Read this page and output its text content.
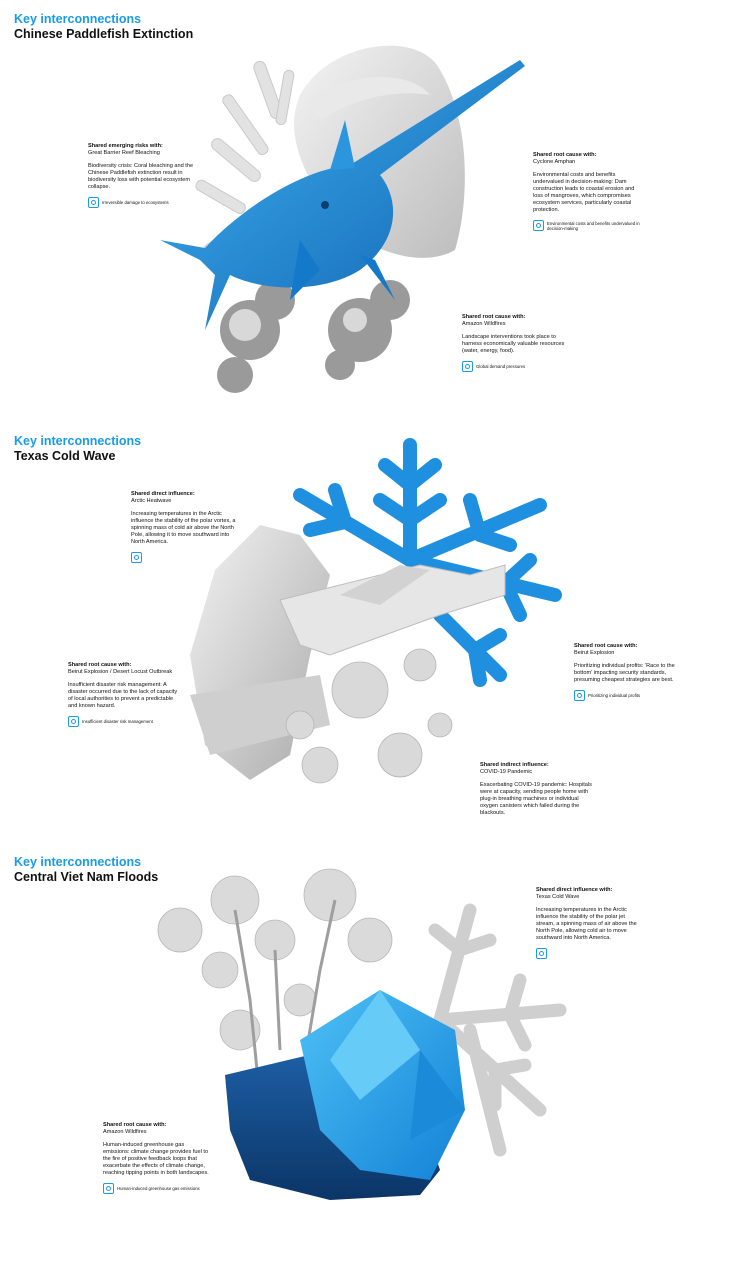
Key interconnections
Chinese Paddlefish Extinction
Shared emerging risks with:
Great Barrier Reef Bleaching
Biodiversity crisis: Coral bleaching and the Chinese Paddlefish extinction result in biodiversity loss with potential ecosystem collapse.
Irreversible damage to ecosystems
Shared root cause with:
Cyclone Amphan
Environmental costs and benefits undervalued in decision-making: Dam construction leads to coastal erosion and loss of mangroves, which compromises ecosystem services, particularly coastal protection.
Environmental costs and benefits undervalued in decision-making
Shared root cause with:
Amazon Wildfires
Landscape interventions took place to harness economically valuable resources (water, energy, food).
Global demand pressures
Key interconnections
Texas Cold Wave
Shared direct influence:
Arctic Heatwave
Increasing temperatures in the Arctic influence the stability of the polar vortex, a spinning mass of cold air above the North Pole, allowing it to move southward into North America.
Shared root cause with:
Beirut Explosion
Prioritizing individual profits: ‘Race to the bottom’ impacting security standards, presuming cheapest strategies are best.
Prioritizing individual profits
Shared root cause with:
Beirut Explosion / Desert Locust Outbreak
Insufficient disaster risk management: A disaster occurred due to the lack of capacity of local authorities to prevent a predictable and known hazard.
Insufficient disaster risk management
Shared indirect influence:
COVID-19 Pandemic
Exacerbating COVID-19 pandemic: Hospitals were at capacity, sending people home with plug-in breathing machines or individual oxygen canisters which failed during the blackouts.
Key interconnections
Central Viet Nam Floods
Shared direct influence with:
Texas Cold Wave
Increasing temperatures in the Arctic influence the stability of the polar jet stream, a spinning mass of air above the North Pole, allowing cold air to move southward into North America.
Shared root cause with:
Amazon Wildfires
Human-induced greenhouse gas emissions: climate change provides fuel to the fire of positive feedback loops that exacerbate the effects of climate change, reaching tipping points in both landscapes.
Human-induced greenhouse gas emissions
